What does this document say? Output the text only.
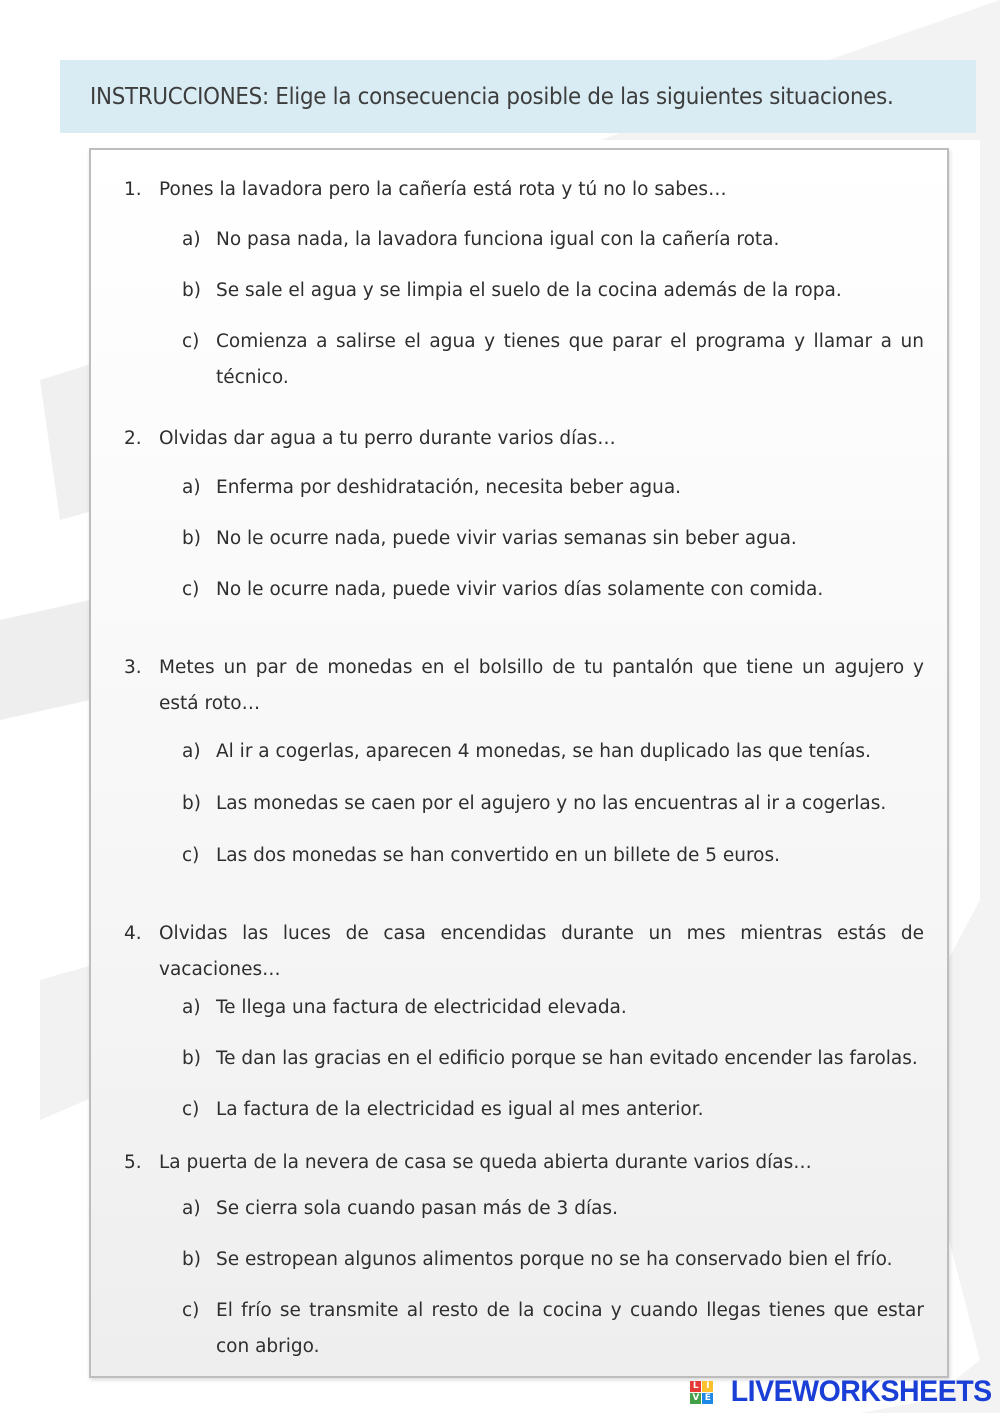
INSTRUCCIONES: Elige la consecuencia posible de las siguientes situaciones.
1. Pones la lavadora pero la cañería está rota y tú no lo sabes…
a) No pasa nada, la lavadora funciona igual con la cañería rota.
b) Se sale el agua y se limpia el suelo de la cocina además de la ropa.
c) Comienza a salirse el agua y tienes que parar el programa y llamar a un técnico.
2. Olvidas dar agua a tu perro durante varios días…
a) Enferma por deshidratación, necesita beber agua.
b) No le ocurre nada, puede vivir varias semanas sin beber agua.
c) No le ocurre nada, puede vivir varios días solamente con comida.
3. Metes un par de monedas en el bolsillo de tu pantalón que tiene un agujero y está roto…
a) Al ir a cogerlas, aparecen 4 monedas, se han duplicado las que tenías.
b) Las monedas se caen por el agujero y no las encuentras al ir a cogerlas.
c) Las dos monedas se han convertido en un billete de 5 euros.
4. Olvidas las luces de casa encendidas durante un mes mientras estás de vacaciones…
a) Te llega una factura de electricidad elevada.
b) Te dan las gracias en el edificio porque se han evitado encender las farolas.
c) La factura de la electricidad es igual al mes anterior.
5. La puerta de la nevera de casa se queda abierta durante varios días…
a) Se cierra sola cuando pasan más de 3 días.
b) Se estropean algunos alimentos porque no se ha conservado bien el frío.
c) El frío se transmite al resto de la cocina y cuando llegas tienes que estar con abrigo.
L I
V E LIVEWORKSHEETS
